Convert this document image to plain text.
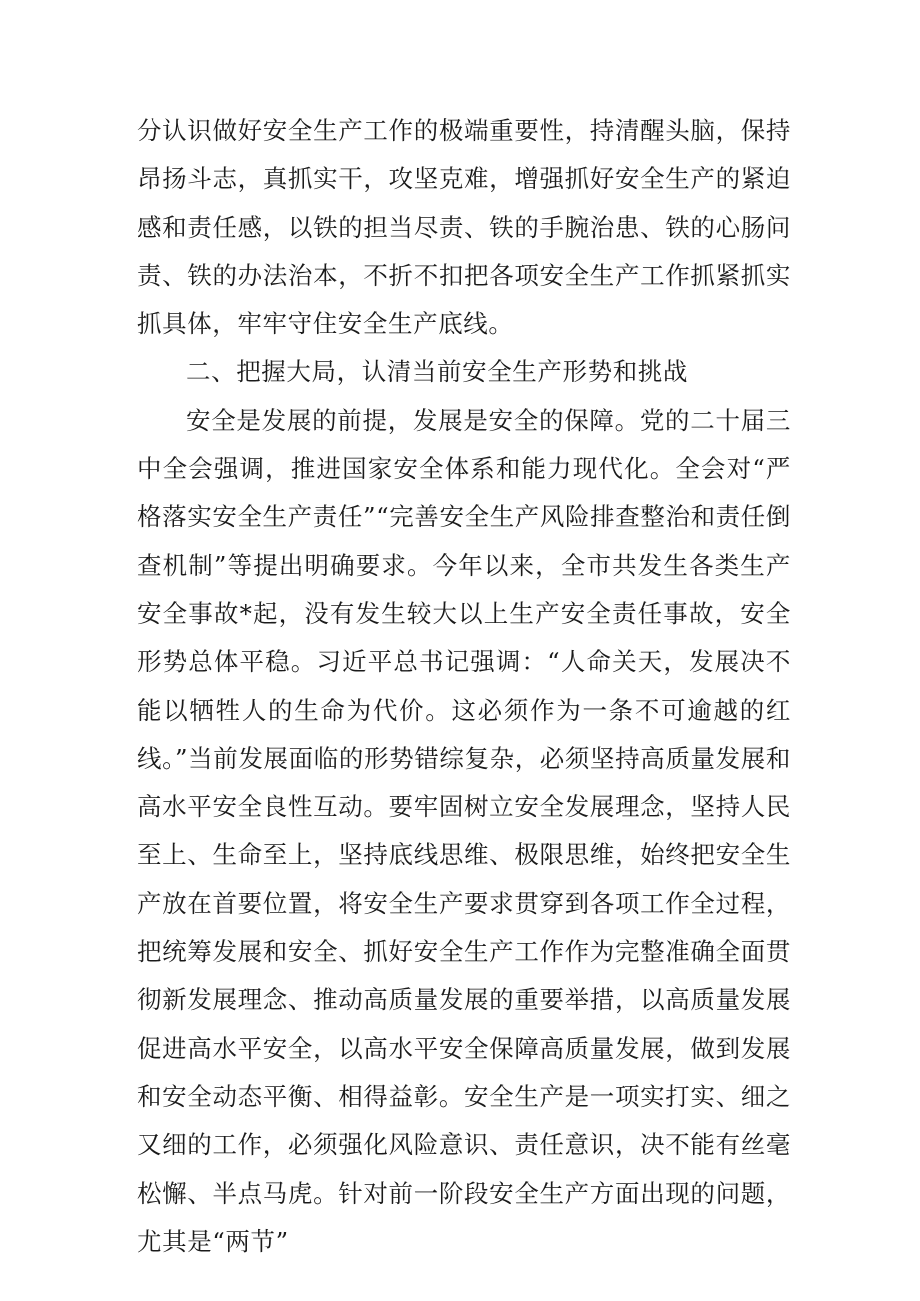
分认识做好安全生产工作的极端重要性，持清醒头脑，保持昂扬斗志，真抓实干，攻坚克难，增强抓好安全生产的紧迫感和责任感，以铁的担当尽责、铁的手腕治患、铁的心肠问责、铁的办法治本，不折不扣把各项安全生产工作抓紧抓实抓具体，牢牢守住安全生产底线。

二、把握大局，认清当前安全生产形势和挑战

安全是发展的前提，发展是安全的保障。党的二十届三中全会强调，推进国家安全体系和能力现代化。全会对“严格落实安全生产责任”“完善安全生产风险排查整治和责任倒查机制”等提出明确要求。今年以来，全市共发生各类生产安全事故*起，没有发生较大以上生产安全责任事故，安全形势总体平稳。习近平总书记强调：“人命关天，发展决不能以牺牲人的生命为代价。这必须作为一条不可逾越的红线。”当前发展面临的形势错综复杂，必须坚持高质量发展和高水平安全良性互动。要牢固树立安全发展理念，坚持人民至上、生命至上，坚持底线思维、极限思维，始终把安全生产放在首要位置，将安全生产要求贯穿到各项工作全过程，把统筹发展和安全、抓好安全生产工作作为完整准确全面贯彻新发展理念、推动高质量发展的重要举措，以高质量发展促进高水平安全，以高水平安全保障高质量发展，做到发展和安全动态平衡、相得益彰。安全生产是一项实打实、细之又细的工作，必须强化风险意识、责任意识，决不能有丝毫松懈、半点马虎。针对前一阶段安全生产方面出现的问题，尤其是“两节”
